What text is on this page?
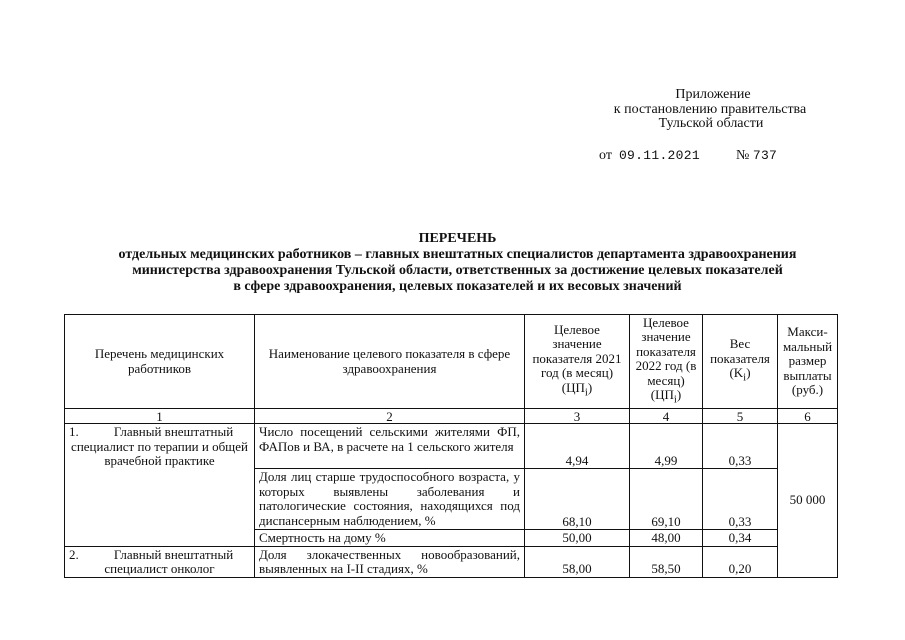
Приложение
к постановлению правительства
Тульской области
от 09.11.2021	№ 737
ПЕРЕЧЕНЬ
отдельных медицинских работников – главных внештатных специалистов департамента здравоохранения
министерства здравоохранения Тульской области, ответственных за достижение целевых показателей
в сфере здравоохранения, целевых показателей и их весовых значений
Перечень медицинских работников	Наименование целевого показателя в сфере здравоохранения	Целевое значение показателя 2021 год (в месяц) $(ЦП_i)$	Целевое значение показателя 2022 год (в месяц) $(ЦП_i)$	Вес показателя $(K_i)$	Макси-мальный размер выплаты (руб.)
1	2	3	4	5	6

1. Главный внештатный специалист по терапии и общей врачебной практике	Число посещений сельскими жителями ФП, ФАПов и ВА, в расчете на 1 сельского жителя	4,94	4,99	0,33	50 000
	Доля лиц старше трудоспособного возраста, у которых выявлены заболевания и патологические состояния, находящихся под диспансерным наблюдением, %	68,10	69,10	0,33	
	Смертность на дому %	50,00	48,00	0,34	

2. Главный внештатный специалист онколог	Доля злокачественных новообразований, выявленных на I-II стадиях, %	58,00	58,50	0,20	
